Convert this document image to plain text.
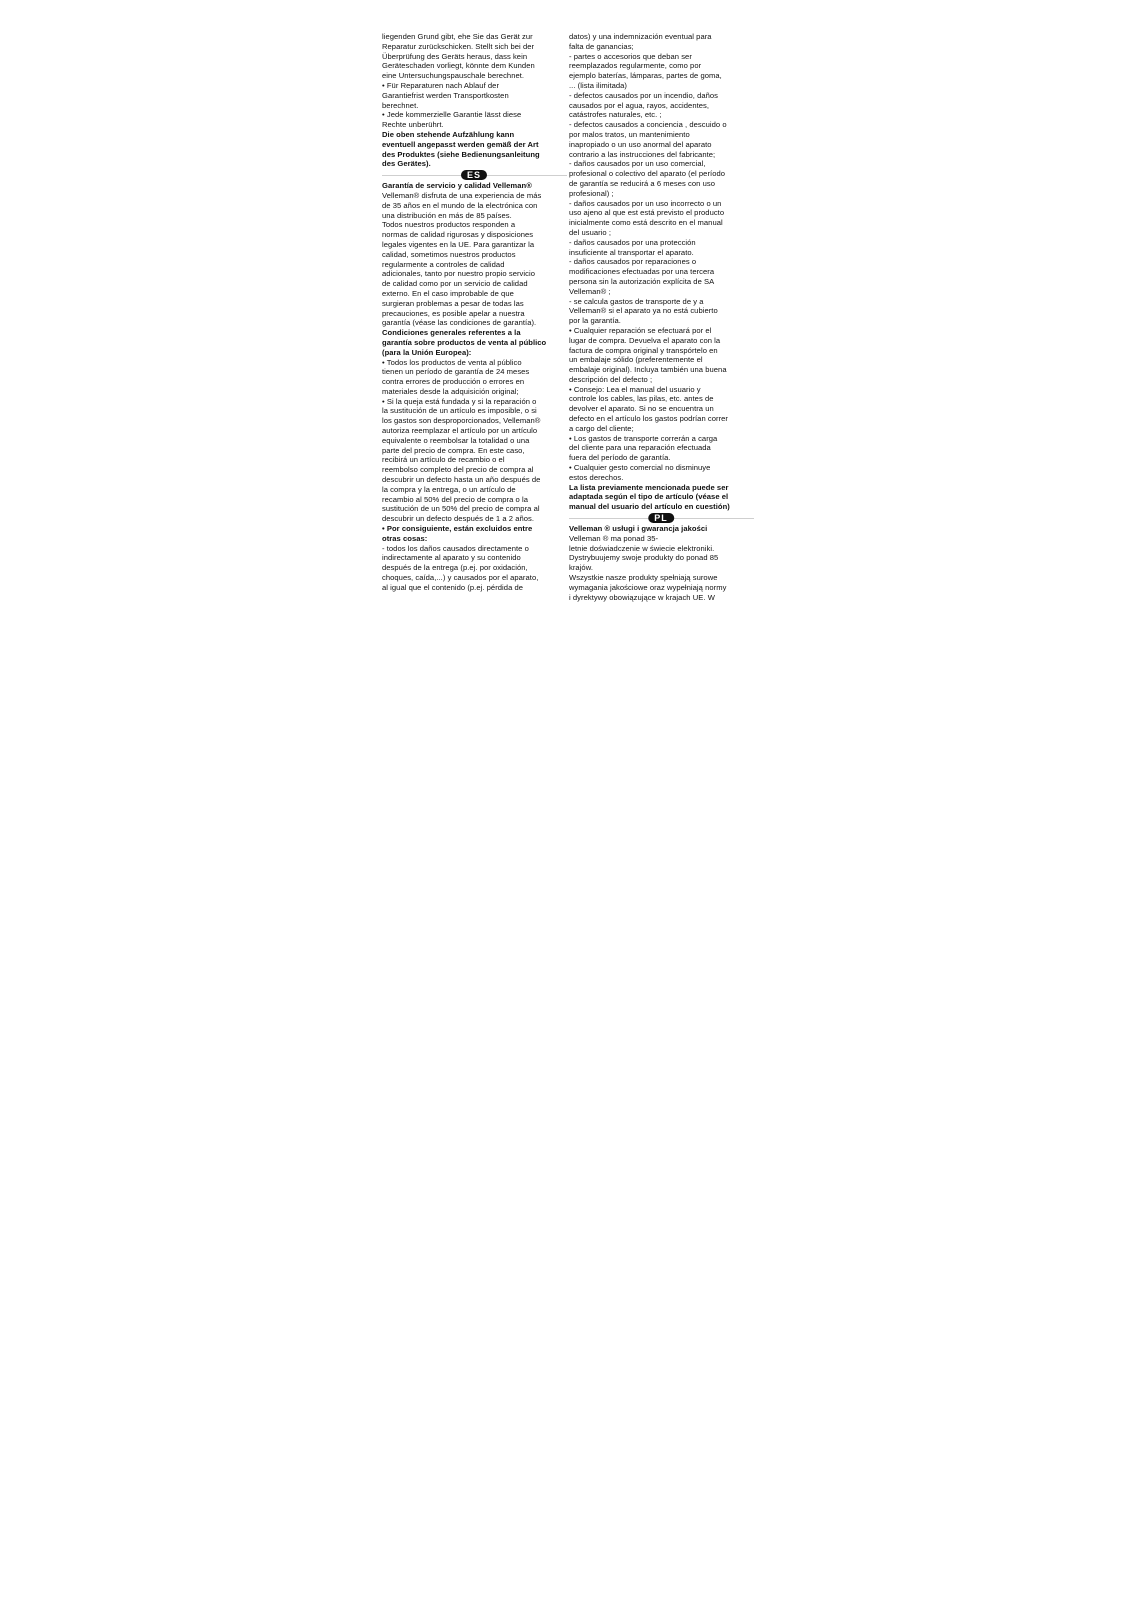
liegenden Grund gibt, ehe Sie das Gerät zur
Reparatur zurückschicken. Stellt sich bei der
Überprüfung des Geräts heraus, dass kein
Geräteschaden vorliegt, könnte dem Kunden
eine Untersuchungspauschale berechnet.
• Für Reparaturen nach Ablauf der
Garantiefrist werden Transportkosten
berechnet.
• Jede kommerzielle Garantie lässt diese
Rechte unberührt.
Die oben stehende Aufzählung kann
eventuell angepasst werden gemäß der Art
des Produktes (siehe Bedienungsanleitung
des Gerätes).
ES
Garantía de servicio y calidad Velleman®
Velleman® disfruta de una experiencia de más
de 35 años en el mundo de la electrónica con
una distribución en más de 85 países.
Todos nuestros productos responden a
normas de calidad rigurosas y disposiciones
legales vigentes en la UE. Para garantizar la
calidad, sometimos nuestros productos
regularmente a controles de calidad
adicionales, tanto por nuestro propio servicio
de calidad como por un servicio de calidad
externo. En el caso improbable de que
surgieran problemas a pesar de todas las
precauciones, es posible apelar a nuestra
garantía (véase las condiciones de garantía).
Condiciones generales referentes a la
garantía sobre productos de venta al público
(para la Unión Europea):
• Todos los productos de venta al público
tienen un período de garantía de 24 meses
contra errores de producción o errores en
materiales desde la adquisición original;
• Si la queja está fundada y si la reparación o
la sustitución de un artículo es imposible, o si
los gastos son desproporcionados, Velleman®
autoriza reemplazar el artículo por un artículo
equivalente o reembolsar la totalidad o una
parte del precio de compra. En este caso,
recibirá un artículo de recambio o el
reembolso completo del precio de compra al
descubrir un defecto hasta un año después de
la compra y la entrega, o un artículo de
recambio al 50% del precio de compra o la
sustitución de un 50% del precio de compra al
descubrir un defecto después de 1 a 2 años.
• Por consiguiente, están excluidos entre
otras cosas:
- todos los daños causados directamente o
indirectamente al aparato y su contenido
después de la entrega (p.ej. por oxidación,
choques, caída,...) y causados por el aparato,
al igual que el contenido (p.ej. pérdida de
datos) y una indemnización eventual para
falta de ganancias;
- partes o accesorios que deban ser
reemplazados regularmente, como por
ejemplo baterías, lámparas, partes de goma,
... (lista ilimitada)
- defectos causados por un incendio, daños
causados por el agua, rayos, accidentes,
catástrofes naturales, etc. ;
- defectos causados a conciencia , descuido o
por malos tratos, un mantenimiento
inapropiado o un uso anormal del aparato
contrario a las instrucciones del fabricante;
- daños causados por un uso comercial,
profesional o colectivo del aparato (el período
de garantía se reducirá a 6 meses con uso
profesional) ;
- daños causados por un uso incorrecto o un
uso ajeno al que est está previsto el producto
inicialmente como está descrito en el manual
del usuario ;
- daños causados por una protección
insuficiente al transportar el aparato.
- daños causados por reparaciones o
modificaciones efectuadas por una tercera
persona sin la autorización explícita de SA
Velleman® ;
- se calcula gastos de transporte de y a
Velleman® si el aparato ya no está cubierto
por la garantía.
• Cualquier reparación se efectuará por el
lugar de compra. Devuelva el aparato con la
factura de compra original y transpórtelo en
un embalaje sólido (preferentemente el
embalaje original). Incluya también una buena
descripción del defecto ;
• Consejo: Lea el manual del usuario y
controle los cables, las pilas, etc. antes de
devolver el aparato. Si no se encuentra un
defecto en el artículo los gastos podrían correr
a cargo del cliente;
• Los gastos de transporte correrán a carga
del cliente para una reparación efectuada
fuera del período de garantía.
• Cualquier gesto comercial no disminuye
estos derechos.
La lista previamente mencionada puede ser
adaptada según el tipo de artículo (véase el
manual del usuario del artículo en cuestión)
PL
Velleman ® usługi i gwarancja jakości
Velleman ® ma ponad 35-
letnie doświadczenie w świecie elektroniki.
Dystrybuujemy swoje produkty do ponad 85
krajów.
Wszystkie nasze produkty spełniają surowe
wymagania jakościowe oraz wypełniają normy
i dyrektywy obowiązujące w krajach UE. W
